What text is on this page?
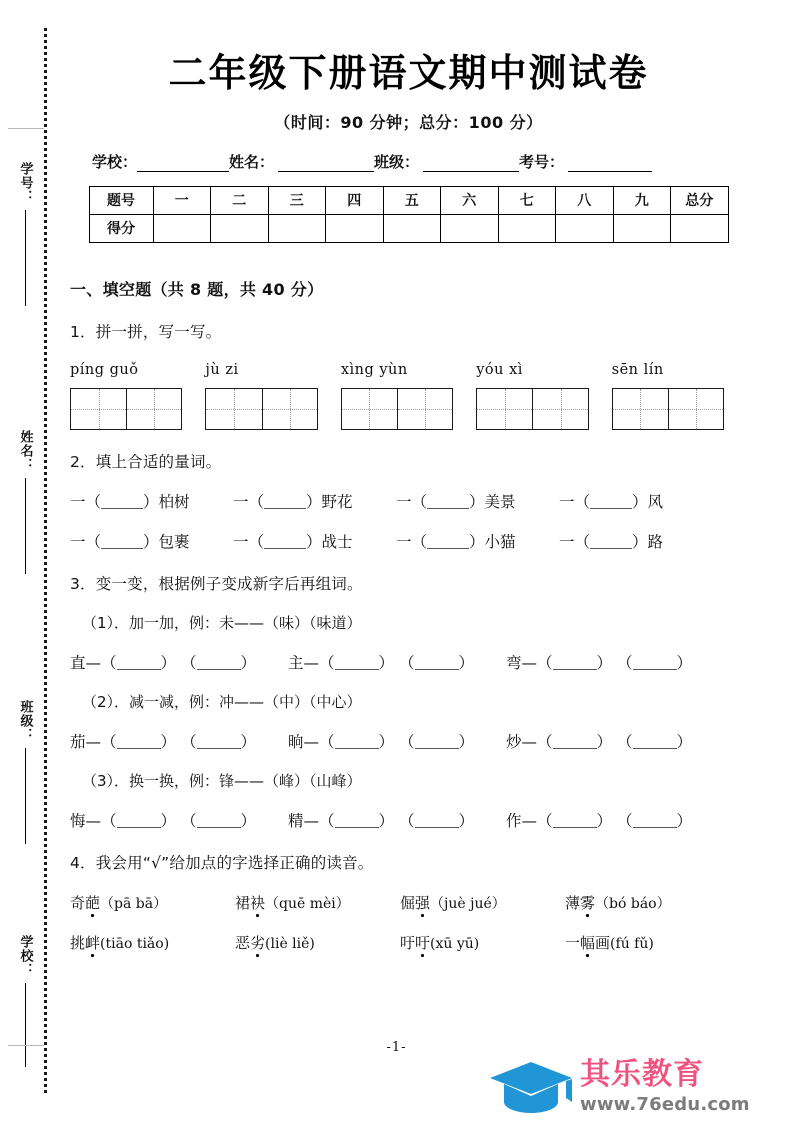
学号：
姓名：
班级：
学校：
二年级下册语文期中测试卷
（时间：90 分钟；总分：100 分）
学校：	姓名：	班级：	考号：
题号	一	二	三	四	五	六	七	八	九	总分
得分										
一、填空题（共 8 题，共 40 分）
1．拼一拼，写一写。
píng guǒ	jù zi	xìng yùn	yóu xì	sēn lín
2．填上合适的量词。
一（	）柏树	一（	）野花	一（	）美景	一（	）风
一（	）包裹	一（	）战士	一（	）小猫	一（	）路
3．变一变，根据例子变成新字后再组词。
（1）．加一加，例：未——（味）（味道）
直—（	） （	）	主—（	） （	）	弯—（	） （	）
（2）．减一减，例：冲——（中）（中心）
茄—（	） （	）	晌—（	） （	）	炒—（	） （	）
（3）．换一换，例：锋——（峰）（山峰）
悔—（	） （	）	精—（	） （	）	作—（	） （	）
4．我会用“√”给加点的字选择正确的读音。
奇葩（pā bā）	裙袂（quē mèi）	倔强（juè jué）	薄雾（bó báo）
挑衅(tiāo tiǎo)	恶劣(liè liě)	吁吁(xū yū)	一幅画(fú fǔ)
-1-
其乐教育
www.76edu.com
